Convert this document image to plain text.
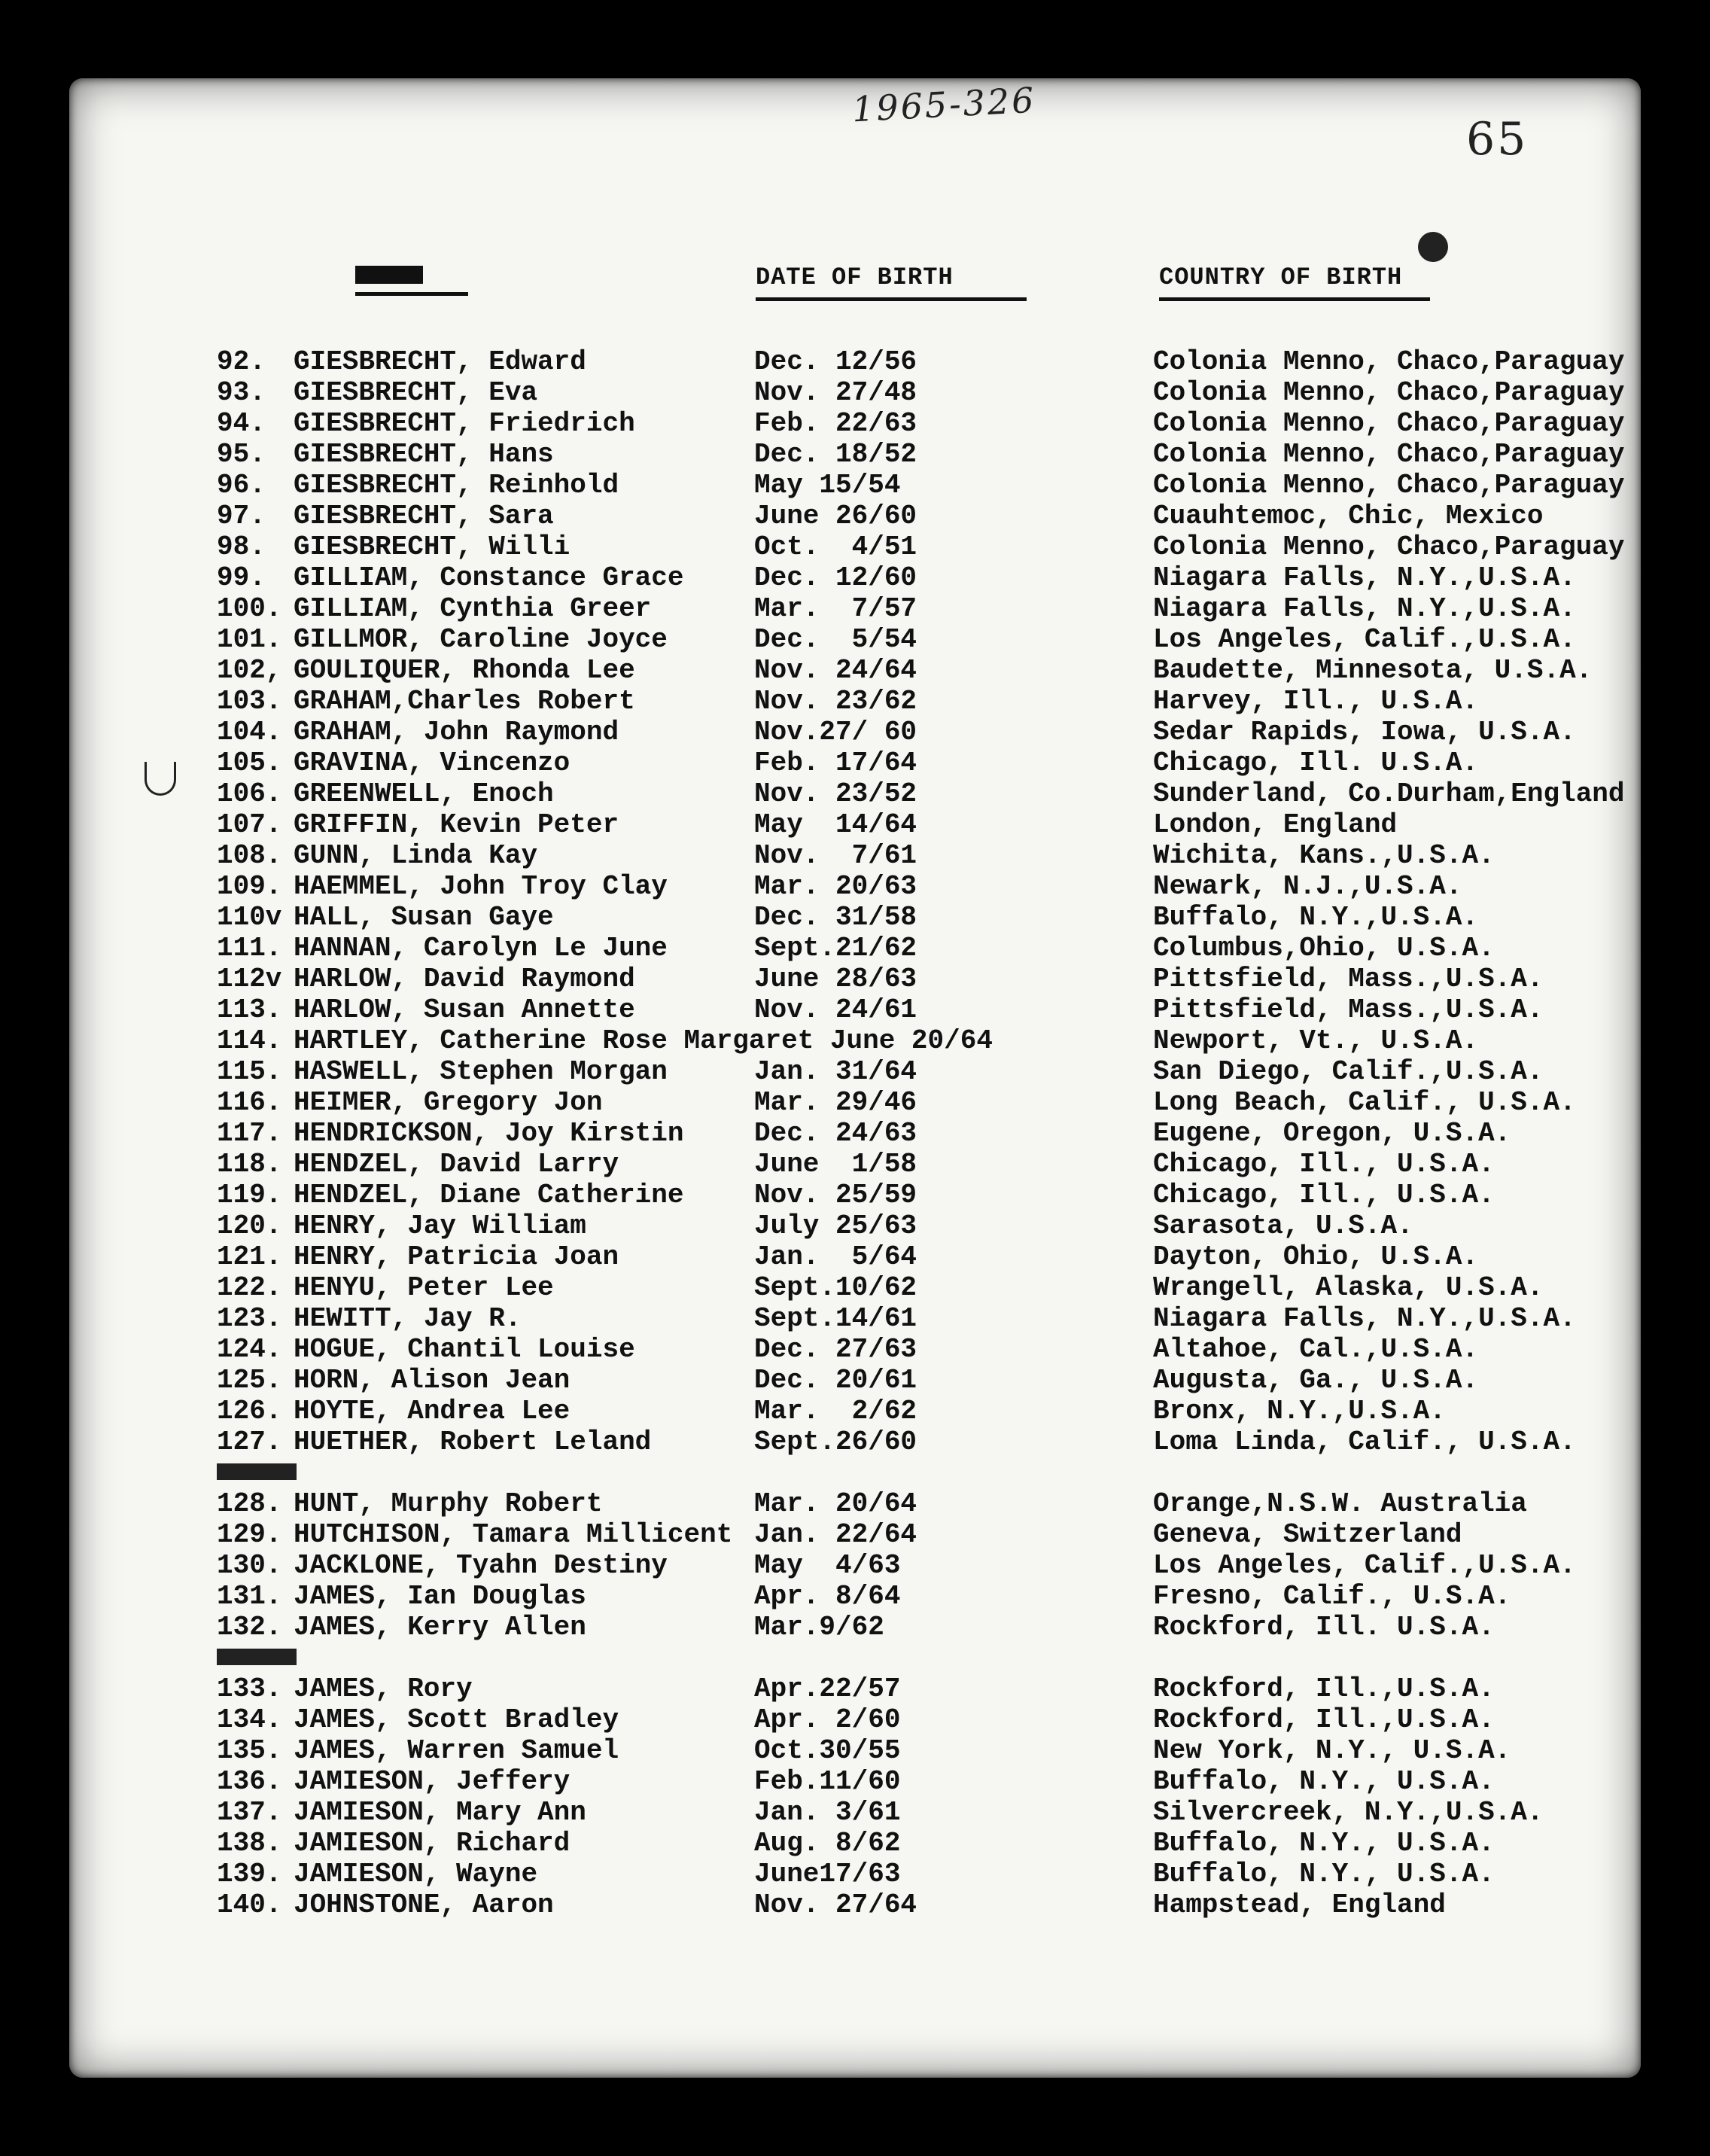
1965-326
65
DATE OF BIRTH	COUNTRY OF BIRTH
92.	GIESBRECHT, Edward	Dec. 12/56	Colonia Menno, Chaco,Paraguay
93.	GIESBRECHT, Eva	Nov. 27/48	Colonia Menno, Chaco,Paraguay
94.	GIESBRECHT, Friedrich	Feb. 22/63	Colonia Menno, Chaco,Paraguay
95.	GIESBRECHT, Hans	Dec. 18/52	Colonia Menno, Chaco,Paraguay
96.	GIESBRECHT, Reinhold	May 15/54	Colonia Menno, Chaco,Paraguay
97.	GIESBRECHT, Sara	June 26/60	Cuauhtemoc, Chic, Mexico
98.	GIESBRECHT, Willi	Oct.  4/51	Colonia Menno, Chaco,Paraguay
99.	GILLIAM, Constance Grace	Dec. 12/60	Niagara Falls, N.Y.,U.S.A.
100. GILLIAM, Cynthia Greer	Mar.  7/57	Niagara Falls, N.Y.,U.S.A.
101. GILLMOR, Caroline Joyce	Dec.  5/54	Los Angeles, Calif.,U.S.A.
102, GOULIQUER, Rhonda Lee	Nov. 24/64	Baudette, Minnesota, U.S.A.
103. GRAHAM,Charles Robert	Nov. 23/62	Harvey, Ill., U.S.A.
104. GRAHAM, John Raymond	Nov.27/ 60	Sedar Rapids, Iowa, U.S.A.
105. GRAVINA, Vincenzo	Feb. 17/64	Chicago, Ill. U.S.A.
106. GREENWELL, Enoch	Nov. 23/52	Sunderland, Co.Durham,England
107. GRIFFIN, Kevin Peter	May  14/64	London, England
108. GUNN, Linda Kay	Nov.  7/61	Wichita, Kans.,U.S.A.
109. HAEMMEL, John Troy Clay	Mar. 20/63	Newark, N.J.,U.S.A.
110v HALL, Susan Gaye	Dec. 31/58	Buffalo, N.Y.,U.S.A.
111. HANNAN, Carolyn Le June	Sept.21/62	Columbus,Ohio, U.S.A.
112v HARLOW, David Raymond	June 28/63	Pittsfield, Mass.,U.S.A.
113. HARLOW, Susan Annette	Nov. 24/61	Pittsfield, Mass.,U.S.A.
114. HARTLEY, Catherine Rose Margaret June 20/64	Newport, Vt., U.S.A.
115. HASWELL, Stephen Morgan	Jan. 31/64	San Diego, Calif.,U.S.A.
116. HEIMER, Gregory Jon	Mar. 29/46	Long Beach, Calif., U.S.A.
117. HENDRICKSON, Joy Kirstin	Dec. 24/63	Eugene, Oregon, U.S.A.
118. HENDZEL, David Larry	June  1/58	Chicago, Ill., U.S.A.
119. HENDZEL, Diane Catherine	Nov. 25/59	Chicago, Ill., U.S.A.
120. HENRY, Jay William	July 25/63	Sarasota, U.S.A.
121. HENRY, Patricia Joan	Jan.  5/64	Dayton, Ohio, U.S.A.
122. HENYU, Peter Lee	Sept.10/62	Wrangell, Alaska, U.S.A.
123. HEWITT, Jay R.	Sept.14/61	Niagara Falls, N.Y.,U.S.A.
124. HOGUE, Chantil Louise	Dec. 27/63	Altahoe, Cal.,U.S.A.
125. HORN, Alison Jean	Dec. 20/61	Augusta, Ga., U.S.A.
126. HOYTE, Andrea Lee	Mar.  2/62	Bronx, N.Y.,U.S.A.
127. HUETHER, Robert Leland	Sept.26/60	Loma Linda, Calif., U.S.A.
128. HUNT, Murphy Robert	Mar. 20/64	Orange,N.S.W. Australia
129. HUTCHISON, Tamara Millicent Jan. 22/64	Geneva, Switzerland
130. JACKLONE, Tyahn Destiny	May  4/63	Los Angeles, Calif.,U.S.A.
131. JAMES, Ian Douglas	Apr. 8/64	Fresno, Calif., U.S.A.
132. JAMES, Kerry Allen	Mar.9/62	Rockford, Ill. U.S.A.
133. JAMES, Rory	Apr.22/57	Rockford, Ill.,U.S.A.
134. JAMES, Scott Bradley	Apr. 2/60	Rockford, Ill.,U.S.A.
135. JAMES, Warren Samuel	Oct.30/55	New York, N.Y., U.S.A.
136. JAMIESON, Jeffery	Feb.11/60	Buffalo, N.Y., U.S.A.
137. JAMIESON, Mary Ann	Jan. 3/61	Silvercreek, N.Y.,U.S.A.
138. JAMIESON, Richard	Aug. 8/62	Buffalo, N.Y., U.S.A.
139. JAMIESON, Wayne	June17/63	Buffalo, N.Y., U.S.A.
140. JOHNSTONE, Aaron	Nov. 27/64	Hampstead, England
